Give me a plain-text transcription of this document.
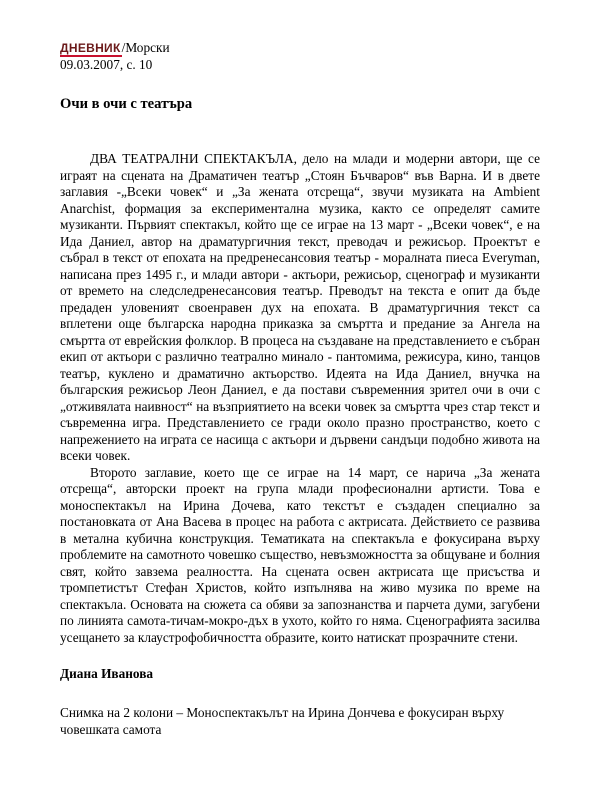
ДНЕВНИК/Морски
09.03.2007, с. 10
Очи в очи с театъра

ДВА ТЕАТРАЛНИ СПЕКТАКЪЛА, дело на млади и модерни автори, ще се играят на сцената на Драматичен театър „Стоян Бъчваров“ във Варна. И в двете заглавия -„Всеки човек“ и „За жената отсреща“, звучи музиката на Ambient Anarchist, формация за експериментална музика, както се определят самите музиканти. Първият спектакъл, който ще се играе на 13 март - „Всеки човек“, е на Ида Даниел, автор на драматургичния текст, преводач и режисьор. Проектът е събрал в текст от епохата на предренесансовия театър - моралната пиеса Everyman, написана през 1495 г., и млади автори - актьори, режисьор, сценограф и музиканти от времето на следследренесансовия театър. Преводът на текста е опит да бъде предаден уловеният своенравен дух на епохата. В драматургичния текст са вплетени още българска народна приказка за смъртта и предание за Ангела на смъртта от еврейския фолклор. В процеса на създаване на представлението е събран екип от актьори с различно театрално минало - пантомима, режисура, кино, танцов театър, куклено и драматично актьорство. Идеята на Ида Даниел, внучка на българския режисьор Леон Даниел, е да постави съвременния зрител очи в очи с „отживялата наивност“ на възприятието на всеки човек за смъртта чрез стар текст и съвременна игра. Представлението се гради около празно пространство, което с напрежението на играта се насища с актьори и дървени сандъци подобно живота на всеки човек.

Второто заглавие, което ще се играе на 14 март, се нарича „За жената отсреща“, авторски проект на група млади професионални артисти. Това е моноспектакъл на Ирина Дочева, като текстът е създаден специално за постановката от Ана Васева в процес на работа с актрисата. Действието се развива в метална кубична конструкция. Тематиката на спектакъла е фокусирана върху проблемите на самотното човешко същество, невъзможността за общуване и болния свят, който завзема реалността. На сцената освен актрисата ще присъства и тромпетистът Стефан Христов, който изпълнява на живо музика по време на спектакъла. Основата на сюжета са обяви за запознанства и парчета думи, загубени по линията самота-тичам-мокро-дъх в ухото, който го няма. Сценографията засилва усещането за клаустрофобичността образите, които натискат прозрачните стени.

Диана Иванова
Снимка на 2 колони – Моноспектакълът на Ирина Дончева е фокусиран върху човешката самота
